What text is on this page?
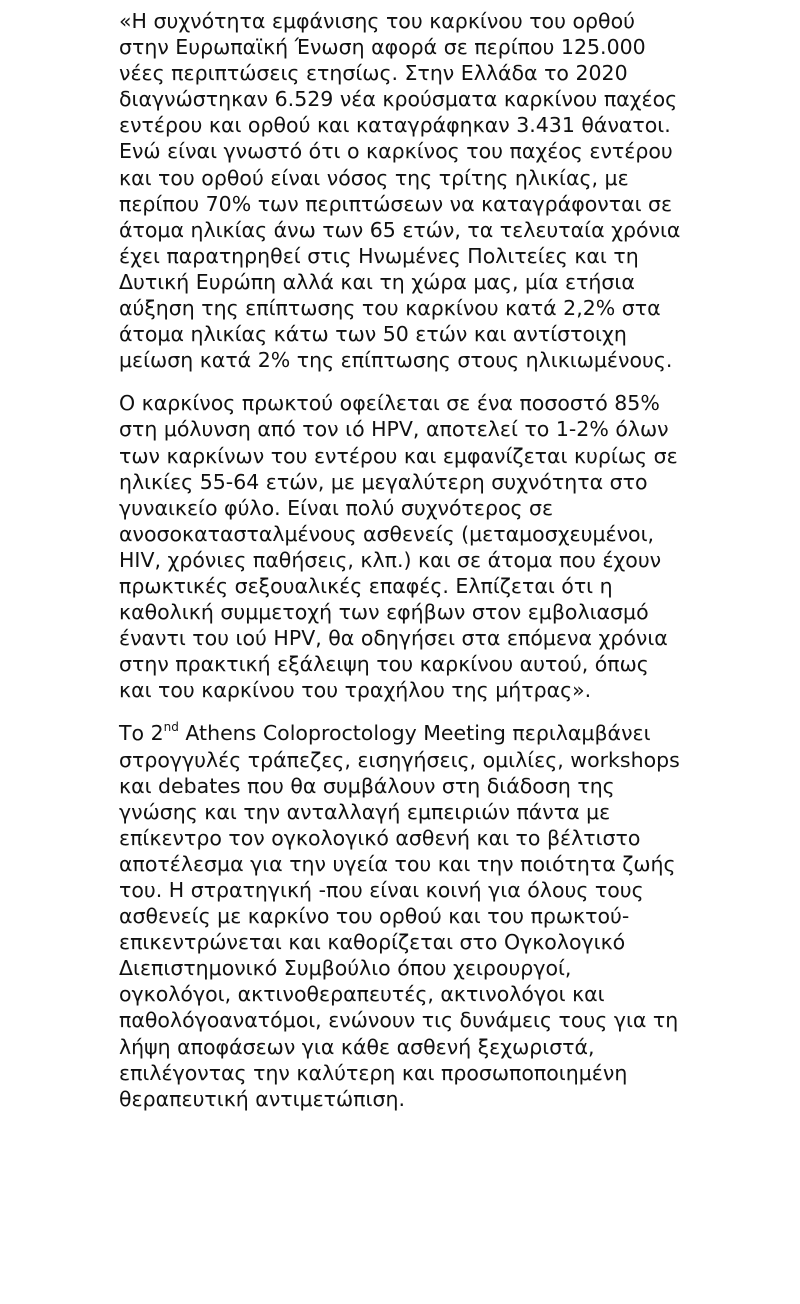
«Η συχνότητα εμφάνισης του καρκίνου του ορθού στην Ευρωπαϊκή Ένωση αφορά σε περίπου 125.000 νέες περιπτώσεις ετησίως. Στην Ελλάδα το 2020 διαγνώστηκαν 6.529 νέα κρούσματα καρκίνου παχέος εντέρου και ορθού και καταγράφηκαν 3.431 θάνατοι. Ενώ είναι γνωστό ότι ο καρκίνος του παχέος εντέρου και του ορθού είναι νόσος της τρίτης ηλικίας, με περίπου 70% των περιπτώσεων να καταγράφονται σε άτομα ηλικίας άνω των 65 ετών, τα τελευταία χρόνια έχει παρατηρηθεί στις Ηνωμένες Πολιτείες και τη Δυτική Ευρώπη αλλά και τη χώρα μας, μία ετήσια αύξηση της επίπτωσης του καρκίνου κατά 2,2% στα άτομα ηλικίας κάτω των 50 ετών και αντίστοιχη μείωση κατά 2% της επίπτωσης στους ηλικιωμένους.

Ο καρκίνος πρωκτού οφείλεται σε ένα ποσοστό 85% στη μόλυνση από τον ιό HPV, αποτελεί το 1-2% όλων των καρκίνων του εντέρου και εμφανίζεται κυρίως σε ηλικίες 55-64 ετών, με μεγαλύτερη συχνότητα στο γυναικείο φύλο. Είναι πολύ συχνότερος σε ανοσοκατασταλμένους ασθενείς (μεταμοσχευμένοι, HIV, χρόνιες παθήσεις, κλπ.) και σε άτομα που έχουν πρωκτικές σεξουαλικές επαφές. Ελπίζεται ότι η καθολική συμμετοχή των εφήβων στον εμβολιασμό έναντι του ιού HPV, θα οδηγήσει στα επόμενα χρόνια στην πρακτική εξάλειψη του καρκίνου αυτού, όπως και του καρκίνου του τραχήλου της μήτρας».

Το 2nd Athens Coloproctology Meeting περιλαμβάνει στρογγυλές τράπεζες, εισηγήσεις, ομιλίες, workshops και debates που θα συμβάλουν στη διάδοση της γνώσης και την ανταλλαγή εμπειριών πάντα με επίκεντρο τον ογκολογικό ασθενή και το βέλτιστο αποτέλεσμα για την υγεία του και την ποιότητα ζωής του. Η στρατηγική -που είναι κοινή για όλους τους ασθενείς με καρκίνο του ορθού και του πρωκτού- επικεντρώνεται και καθορίζεται στο Ογκολογικό Διεπιστημονικό Συμβούλιο όπου χειρουργοί, ογκολόγοι, ακτινοθεραπευτές, ακτινολόγοι και παθολόγοανατόμοι, ενώνουν τις δυνάμεις τους για τη λήψη αποφάσεων για κάθε ασθενή ξεχωριστά, επιλέγοντας την καλύτερη και προσωποποιημένη θεραπευτική αντιμετώπιση.
